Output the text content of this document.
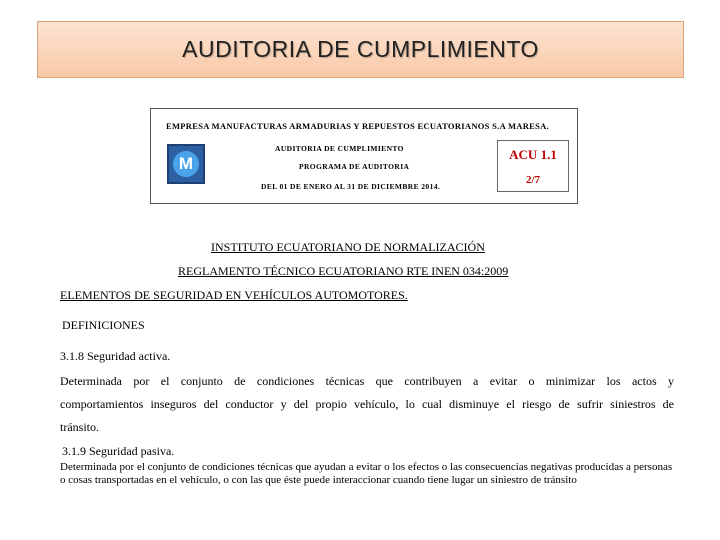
AUDITORIA DE CUMPLIMIENTO
EMPRESA MANUFACTURAS ARMADURIAS Y REPUESTOS ECUATORIANOS S.A MARESA.
M
AUDITORIA DE CUMPLIMIENTO
PROGRAMA DE AUDITORIA
DEL 01 DE ENERO AL 31 DE DICIEMBRE 2014.
ACU 1.1
2/7
INSTITUTO ECUATORIANO DE NORMALIZACIÓN
REGLAMENTO TÉCNICO ECUATORIANO RTE INEN 034:2009
ELEMENTOS DE SEGURIDAD EN VEHÍCULOS AUTOMOTORES.
DEFINICIONES
3.1.8 Seguridad activa.
Determinada por el conjunto de condiciones técnicas que contribuyen a evitar o minimizar los actos y
comportamientos inseguros del conductor y del propio vehículo, lo cual disminuye el riesgo de sufrir siniestros de
tránsito.
3.1.9 Seguridad pasiva.
Determinada por el conjunto de condiciones técnicas que ayudan a evitar o los efectos o las consecuencias negativas producidas a personas o cosas transportadas en el vehículo, o con las que éste puede interaccionar cuando tiene lugar un siniestro de tránsito
